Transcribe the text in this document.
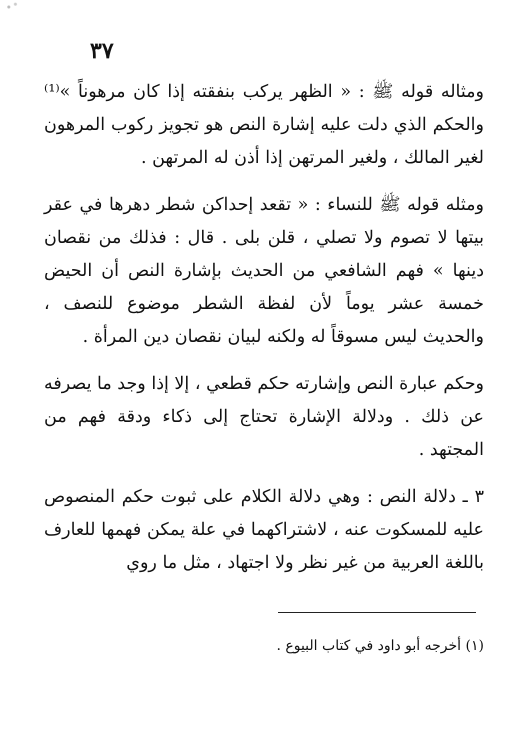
٣٧

ومثاله قوله ﷺ : « الظهر يركب بنفقته إذا كان مرهوناً »⁽¹⁾ والحكم الذي دلت عليه إشارة النص هو تجويز ركوب المرهون لغير المالك ، ولغير المرتهن إذا أذن له المرتهن .

ومثله قوله ﷺ للنساء : « تقعد إحداكن شطر دهرها في عقر بيتها لا تصوم ولا تصلي ، قلن بلى . قال : فذلك من نقصان دينها » فهم الشافعي من الحديث بإشارة النص أن الحيض خمسة عشر يوماً لأن لفظة الشطر موضوع للنصف ، والحديث ليس مسوقاً له ولكنه لبيان نقصان دين المرأة .

وحكم عبارة النص وإشارته حكم قطعي ، إلا إذا وجد ما يصرفه عن ذلك . ودلالة الإشارة تحتاج إلى ذكاء ودقة فهم من المجتهد .

٣ ـ دلالة النص : وهي دلالة الكلام على ثبوت حكم المنصوص عليه للمسكوت عنه ، لاشتراكهما في علة يمكن فهمها للعارف باللغة العربية من غير نظر ولا اجتهاد ، مثل ما روي

(١) أخرجه أبو داود في كتاب البيوع .
